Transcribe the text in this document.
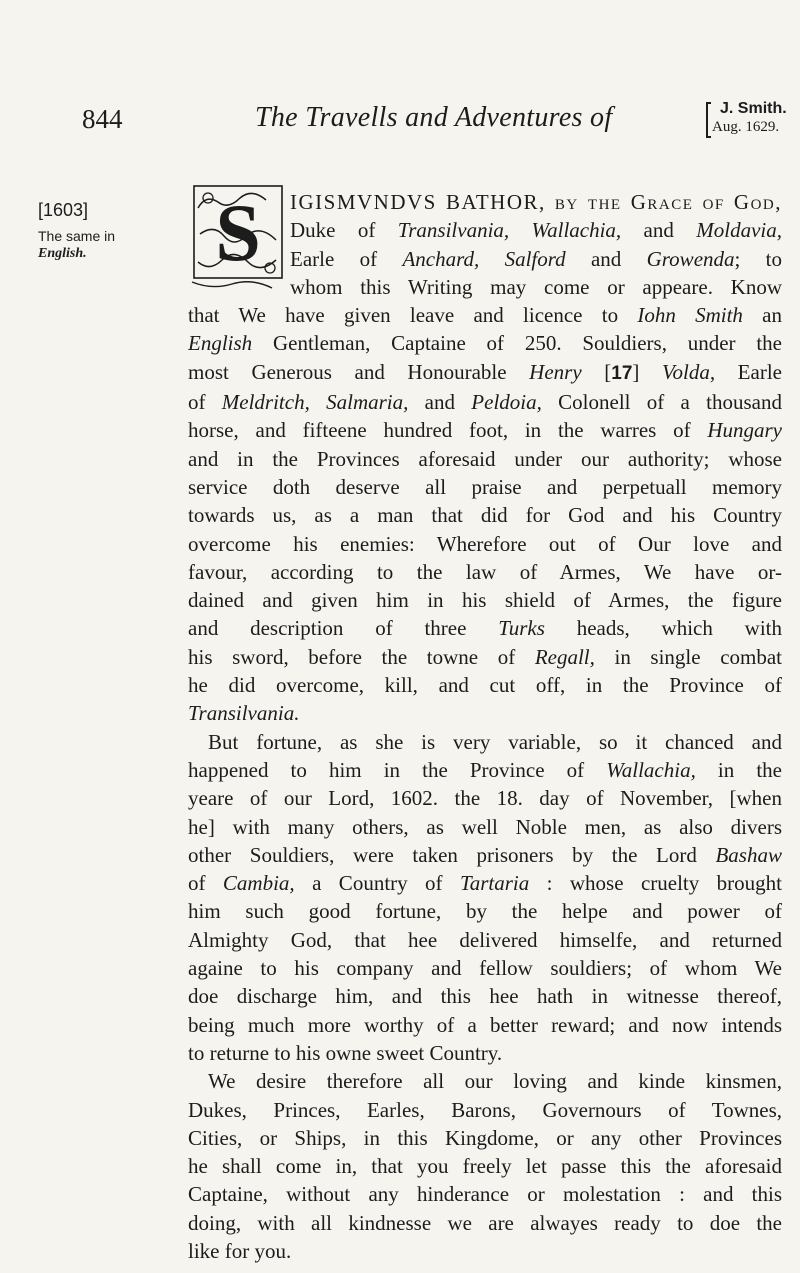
844	The Travells and Adventures of	J. Smith.
Aug. 1629.
[1603]
The same in
English.	S	IGISMVNDVS BATHOR, by the Grace of God,
Duke of Transilvania, Wallachia, and Moldavia,
Earle of Anchard, Salford and Growenda; to
whom this Writing may come or appeare. Know
that We have given leave and licence to Iohn Smith an
English Gentleman, Captaine of 250. Souldiers, under the
most Generous and Honourable Henry [17] Volda, Earle
of Meldritch, Salmaria, and Peldoia, Colonell of a thousand
horse, and fifteene hundred foot, in the warres of Hungary
and in the Provinces aforesaid under our authority; whose
service doth deserve all praise and perpetuall memory
towards us, as a man that did for God and his Country
overcome his enemies: Wherefore out of Our love and
favour, according to the law of Armes, We have or-
dained and given him in his shield of Armes, the figure
and description of three Turks heads, which with
his sword, before the towne of Regall, in single combat
he did overcome, kill, and cut off, in the Province of
Transilvania.
But fortune, as she is very variable, so it chanced and
happened to him in the Province of Wallachia, in the
yeare of our Lord, 1602. the 18. day of November, [when
he] with many others, as well Noble men, as also divers
other Souldiers, were taken prisoners by the Lord Bashaw
of Cambia, a Country of Tartaria : whose cruelty brought
him such good fortune, by the helpe and power of
Almighty God, that hee delivered himselfe, and returned
againe to his company and fellow souldiers; of whom We
doe discharge him, and this hee hath in witnesse thereof,
being much more worthy of a better reward; and now intends
to returne to his owne sweet Country.
We desire therefore all our loving and kinde kinsmen,
Dukes, Princes, Earles, Barons, Governours of Townes,
Cities, or Ships, in this Kingdome, or any other Provinces
he shall come in, that you freely let passe this the aforesaid
Captaine, without any hinderance or molestation : and this
doing, with all kindnesse we are alwayes ready to doe the
like for you.
